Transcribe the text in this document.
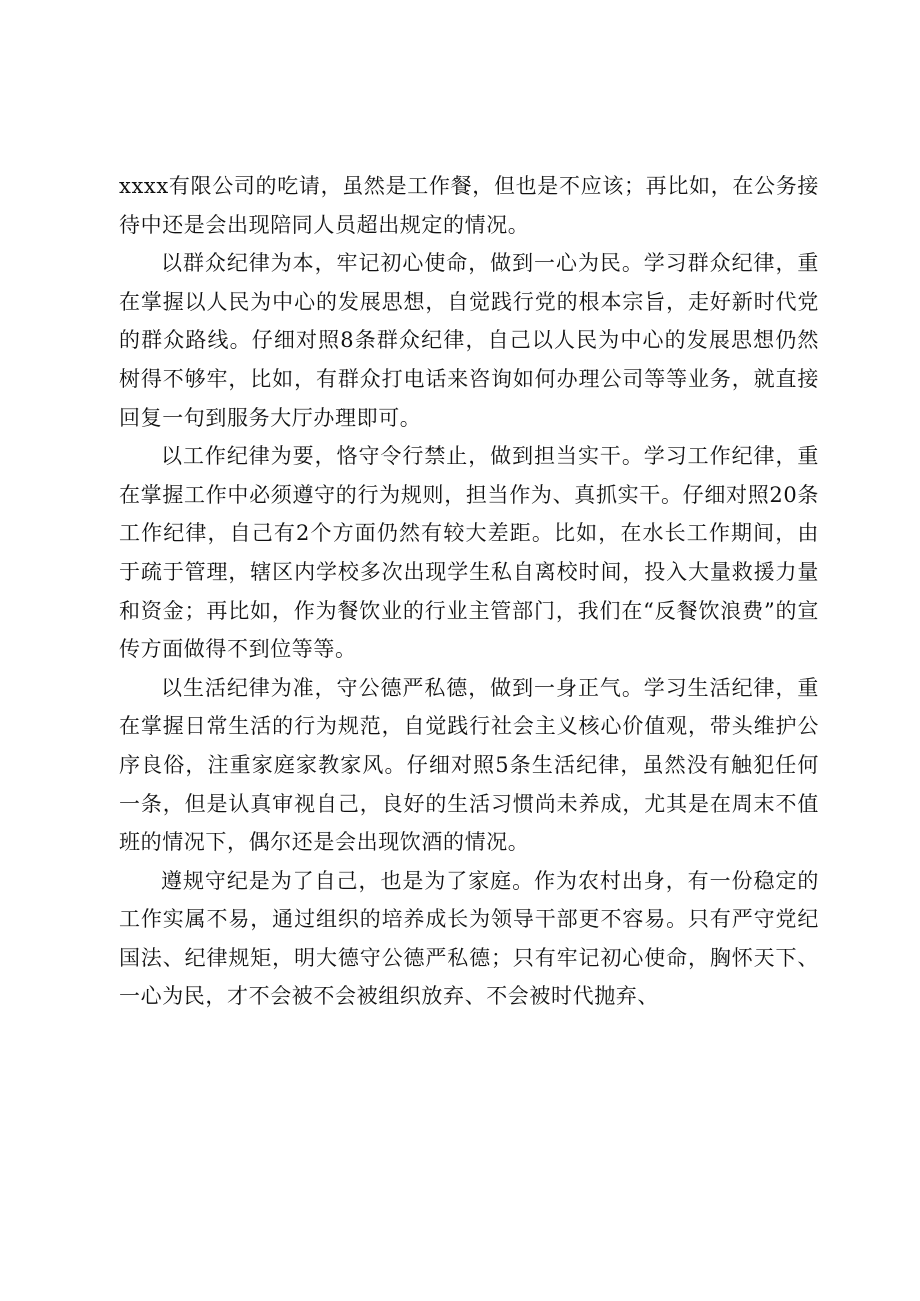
xxxx有限公司的吃请，虽然是工作餐，但也是不应该；再比如，在公务接待中还是会出现陪同人员超出规定的情况。

以群众纪律为本，牢记初心使命，做到一心为民。学习群众纪律，重在掌握以人民为中心的发展思想，自觉践行党的根本宗旨，走好新时代党的群众路线。仔细对照8条群众纪律，自己以人民为中心的发展思想仍然树得不够牢，比如，有群众打电话来咨询如何办理公司等等业务，就直接回复一句到服务大厅办理即可。

以工作纪律为要，恪守令行禁止，做到担当实干。学习工作纪律，重在掌握工作中必须遵守的行为规则，担当作为、真抓实干。仔细对照20条工作纪律，自己有2个方面仍然有较大差距。比如，在水长工作期间，由于疏于管理，辖区内学校多次出现学生私自离校时间，投入大量救援力量和资金；再比如，作为餐饮业的行业主管部门，我们在“反餐饮浪费”的宣传方面做得不到位等等。

以生活纪律为准，守公德严私德，做到一身正气。学习生活纪律，重在掌握日常生活的行为规范，自觉践行社会主义核心价值观，带头维护公序良俗，注重家庭家教家风。仔细对照5条生活纪律，虽然没有触犯任何一条，但是认真审视自己，良好的生活习惯尚未养成，尤其是在周末不值班的情况下，偶尔还是会出现饮酒的情况。

遵规守纪是为了自己，也是为了家庭。作为农村出身，有一份稳定的工作实属不易，通过组织的培养成长为领导干部更不容易。只有严守党纪国法、纪律规矩，明大德守公德严私德；只有牢记初心使命，胸怀天下、一心为民，才不会被不会被组织放弃、不会被时代抛弃、
